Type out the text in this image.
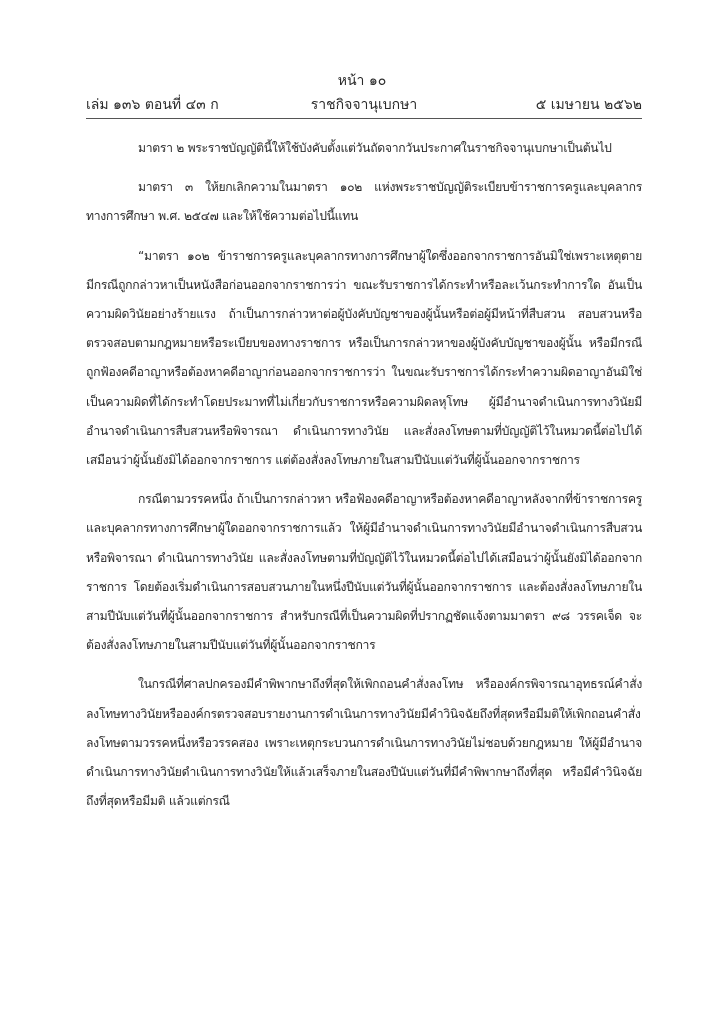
หน้า ๑๐
เล่ม ๑๓๖ ตอนที่ ๔๓ ก	ราชกิจจานุเบกษา	๕ เมษายน ๒๕๖๒

มาตรา ๒ พระราชบัญญัตินี้ให้ใช้บังคับตั้งแต่วันถัดจากวันประกาศในราชกิจจานุเบกษาเป็นต้นไป

มาตรา ๓ ให้ยกเลิกความในมาตรา ๑๐๒ แห่งพระราชบัญญัติระเบียบข้าราชการครูและบุคลากรทางการศึกษา พ.ศ. ๒๕๔๗ และให้ใช้ความต่อไปนี้แทน

“มาตรา ๑๐๒ ข้าราชการครูและบุคลากรทางการศึกษาผู้ใดซึ่งออกจากราชการอันมิใช่เพราะเหตุตาย มีกรณีถูกกล่าวหาเป็นหนังสือก่อนออกจากราชการว่า ขณะรับราชการได้กระทำหรือละเว้นกระทำการใด อันเป็นความผิดวินัยอย่างร้ายแรง ถ้าเป็นการกล่าวหาต่อผู้บังคับบัญชาของผู้นั้นหรือต่อผู้มีหน้าที่สืบสวน สอบสวนหรือตรวจสอบตามกฎหมายหรือระเบียบของทางราชการ หรือเป็นการกล่าวหาของผู้บังคับบัญชาของผู้นั้น หรือมีกรณีถูกฟ้องคดีอาญาหรือต้องหาคดีอาญาก่อนออกจากราชการว่า ในขณะรับราชการได้กระทำความผิดอาญาอันมิใช่เป็นความผิดที่ได้กระทำโดยประมาทที่ไม่เกี่ยวกับราชการหรือความผิดลหุโทษ ผู้มีอำนาจดำเนินการทางวินัยมีอำนาจดำเนินการสืบสวนหรือพิจารณา ดำเนินการทางวินัย และสั่งลงโทษตามที่บัญญัติไว้ในหมวดนี้ต่อไปได้เสมือนว่าผู้นั้นยังมิได้ออกจากราชการ แต่ต้องสั่งลงโทษภายในสามปีนับแต่วันที่ผู้นั้นออกจากราชการ

กรณีตามวรรคหนึ่ง ถ้าเป็นการกล่าวหา หรือฟ้องคดีอาญาหรือต้องหาคดีอาญาหลังจากที่ข้าราชการครูและบุคลากรทางการศึกษาผู้ใดออกจากราชการแล้ว ให้ผู้มีอำนาจดำเนินการทางวินัยมีอำนาจดำเนินการสืบสวนหรือพิจารณา ดำเนินการทางวินัย และสั่งลงโทษตามที่บัญญัติไว้ในหมวดนี้ต่อไปได้เสมือนว่าผู้นั้นยังมิได้ออกจากราชการ โดยต้องเริ่มดำเนินการสอบสวนภายในหนึ่งปีนับแต่วันที่ผู้นั้นออกจากราชการ และต้องสั่งลงโทษภายในสามปีนับแต่วันที่ผู้นั้นออกจากราชการ สำหรับกรณีที่เป็นความผิดที่ปรากฏชัดแจ้งตามมาตรา ๙๘ วรรคเจ็ด จะต้องสั่งลงโทษภายในสามปีนับแต่วันที่ผู้นั้นออกจากราชการ

ในกรณีที่ศาลปกครองมีคำพิพากษาถึงที่สุดให้เพิกถอนคำสั่งลงโทษ หรือองค์กรพิจารณาอุทธรณ์คำสั่งลงโทษทางวินัยหรือองค์กรตรวจสอบรายงานการดำเนินการทางวินัยมีคำวินิจฉัยถึงที่สุดหรือมีมติให้เพิกถอนคำสั่งลงโทษตามวรรคหนึ่งหรือวรรคสอง เพราะเหตุกระบวนการดำเนินการทางวินัยไม่ชอบด้วยกฎหมาย ให้ผู้มีอำนาจดำเนินการทางวินัยดำเนินการทางวินัยให้แล้วเสร็จภายในสองปีนับแต่วันที่มีคำพิพากษาถึงที่สุด หรือมีคำวินิจฉัยถึงที่สุดหรือมีมติ แล้วแต่กรณี
